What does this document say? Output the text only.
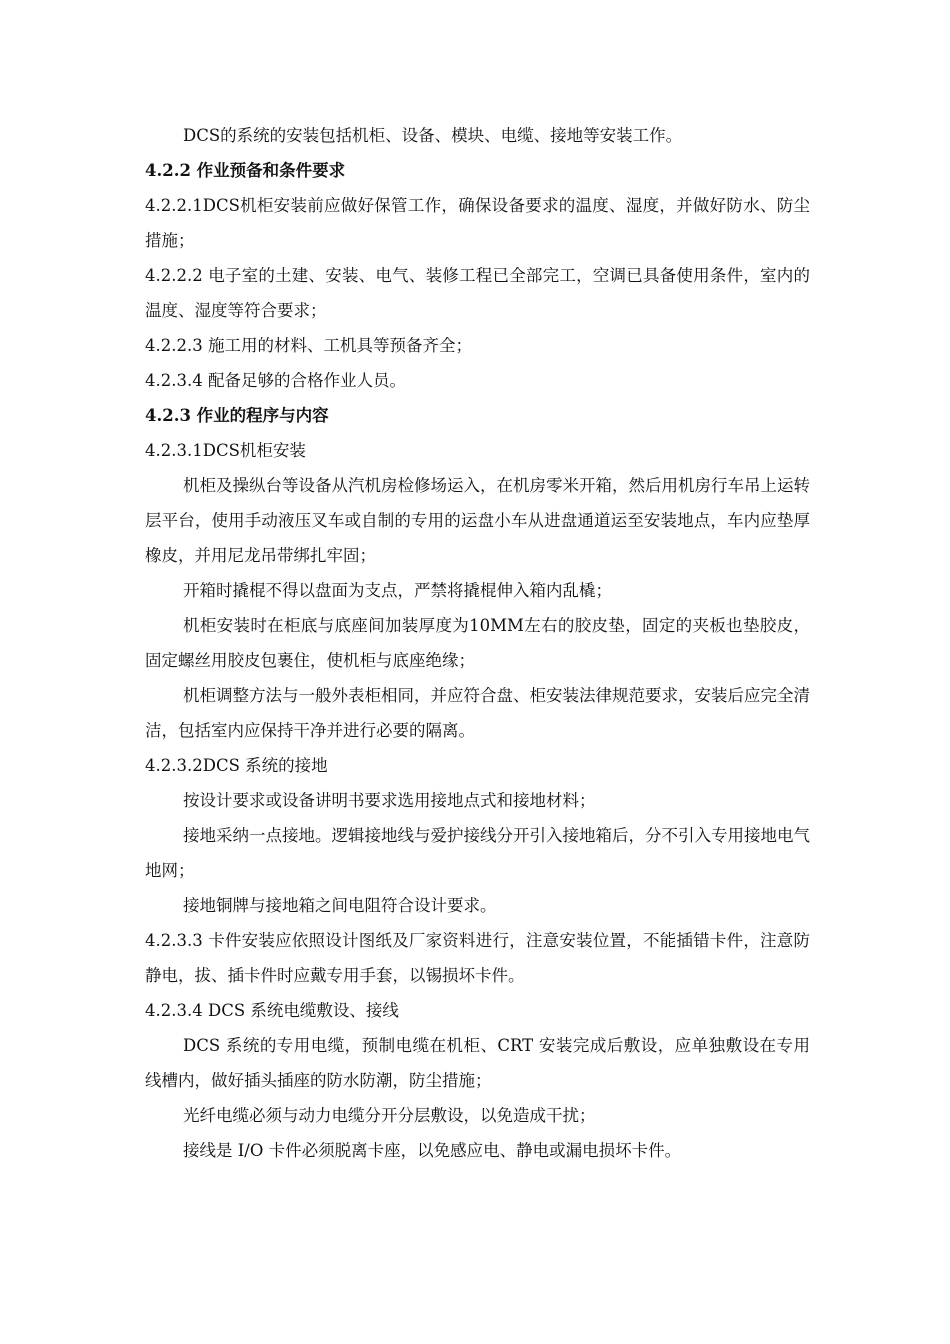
DCS的系统的安装包括机柜、设备、模块、电缆、接地等安装工作。

4.2.2 作业预备和条件要求

4.2.2.1DCS机柜安装前应做好保管工作，确保设备要求的温度、湿度，并做好防水、防尘措施；

4.2.2.2 电子室的土建、安装、电气、装修工程已全部完工，空调已具备使用条件，室内的温度、湿度等符合要求；

4.2.2.3 施工用的材料、工机具等预备齐全；

4.2.3.4 配备足够的合格作业人员。

4.2.3 作业的程序与内容

4.2.3.1DCS机柜安装

机柜及操纵台等设备从汽机房检修场运入，在机房零米开箱，然后用机房行车吊上运转层平台，使用手动液压叉车或自制的专用的运盘小车从进盘通道运至安装地点，车内应垫厚橡皮，并用尼龙吊带绑扎牢固；

开箱时撬棍不得以盘面为支点，严禁将撬棍伸入箱内乱橇；

机柜安装时在柜底与底座间加装厚度为10MM左右的胶皮垫，固定的夹板也垫胶皮，固定螺丝用胶皮包裹住，使机柜与底座绝缘；

机柜调整方法与一般外表柜相同，并应符合盘、柜安装法律规范要求，安装后应完全清洁，包括室内应保持干净并进行必要的隔离。

4.2.3.2DCS 系统的接地

按设计要求或设备讲明书要求选用接地点式和接地材料；

接地采纳一点接地。逻辑接地线与爱护接线分开引入接地箱后，分不引入专用接地电气地网；

接地铜牌与接地箱之间电阻符合设计要求。

4.2.3.3 卡件安装应依照设计图纸及厂家资料进行，注意安装位置，不能插错卡件，注意防静电，拔、插卡件时应戴专用手套，以锡损坏卡件。

4.2.3.4 DCS 系统电缆敷设、接线

DCS 系统的专用电缆，预制电缆在机柜、CRT 安装完成后敷设，应单独敷设在专用线槽内，做好插头插座的防水防潮，防尘措施；

光纤电缆必须与动力电缆分开分层敷设，以免造成干扰；

接线是 I/O 卡件必须脱离卡座，以免感应电、静电或漏电损坏卡件。
